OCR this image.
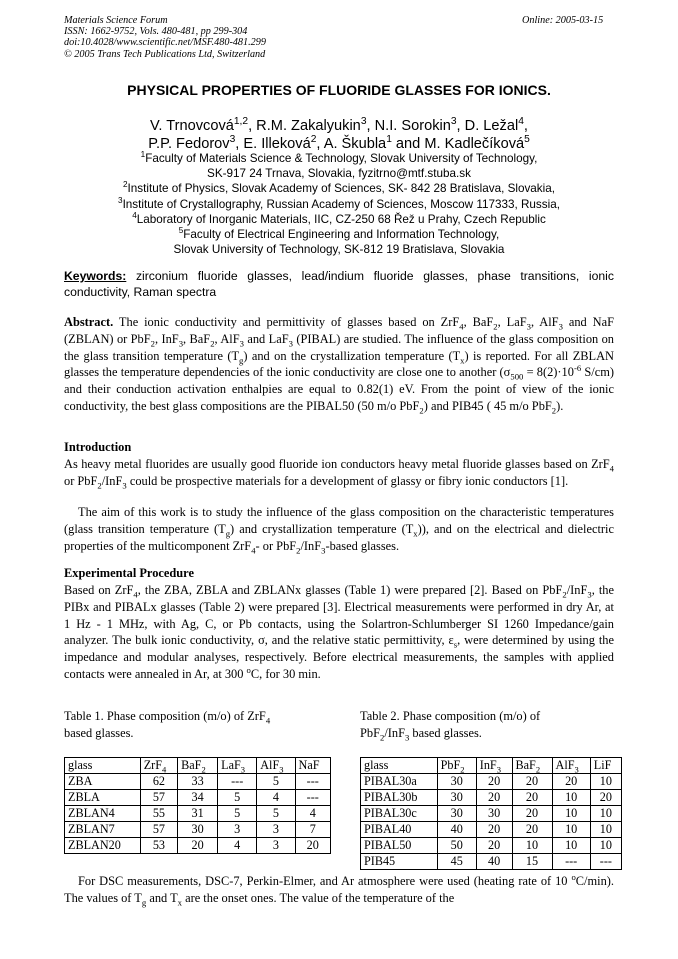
Materials Science Forum
ISSN: 1662-9752, Vols. 480-481, pp 299-304
doi:10.4028/www.scientific.net/MSF.480-481.299
© 2005 Trans Tech Publications Ltd, Switzerland
Online: 2005-03-15
PHYSICAL PROPERTIES OF FLUORIDE GLASSES FOR IONICS.
V. Trnovcová$^{1,2}$, R.M. Zakalyukin$^3$, N.I. Sorokin$^3$, D. Ležal$^4$,
P.P. Fedorov$^3$, E. Illeková$^2$, A. Škubla$^1$ and M. Kadlečíková$^5$
$^1$Faculty of Materials Science & Technology, Slovak University of Technology,
SK-917 24 Trnava, Slovakia, fyzitrno@mtf.stuba.sk
$^2$Institute of Physics, Slovak Academy of Sciences, SK- 842 28 Bratislava, Slovakia,
$^3$Institute of Crystallography, Russian Academy of Sciences, Moscow 117333, Russia,
$^4$Laboratory of Inorganic Materials, IIC, CZ-250 68 Řež u Prahy, Czech Republic
$^5$Faculty of Electrical Engineering and Information Technology,
Slovak University of Technology, SK-812 19 Bratislava, Slovakia
Keywords: zirconium fluoride glasses, lead/indium fluoride glasses, phase transitions, ionic conductivity, Raman spectra
Abstract. The ionic conductivity and permittivity of glasses based on ZrF$_4$, BaF$_2$, LaF$_3$, AlF$_3$ and NaF (ZBLAN) or PbF$_2$, InF$_3$, BaF$_2$, AlF$_3$ and LaF$_3$ (PIBAL) are studied. The influence of the glass composition on the glass transition temperature $(T_g)$ and on the crystallization temperature $(T_x)$ is reported. For all ZBLAN glasses the temperature dependencies of the ionic conductivity are close one to another ($\sigma_{500} = 8(2)\cdot 10^{-6}$ S/cm) and their conduction activation enthalpies are equal to 0.82(1) eV. From the point of view of the ionic conductivity, the best glass compositions are the PIBAL50 (50 m/o PbF$_2$) and PIB45 ( 45 m/o PbF$_2$).
Introduction
As heavy metal fluorides are usually good fluoride ion conductors heavy metal fluoride glasses based on ZrF$_4$ or PbF$_2$/InF$_3$ could be prospective materials for a development of glassy or fibry ionic conductors [1].
The aim of this work is to study the influence of the glass composition on the characteristic temperatures (glass transition temperature $(T_g)$ and crystallization temperature $(T_x)$), and on the electrical and dielectric properties of the multicomponent ZrF$_4$- or PbF$_2$/InF$_3$-based glasses.
Experimental Procedure
Based on ZrF$_4$, the ZBA, ZBLA and ZBLANx glasses (Table 1) were prepared [2]. Based on PbF$_2$/InF$_3$, the PIBx and PIBALx glasses (Table 2) were prepared [3]. Electrical measurements were performed in dry Ar, at 1 Hz - 1 MHz, with Ag, C, or Pb contacts, using the Solartron-Schlumberger SI 1260 Impedance/gain analyzer. The bulk ionic conductivity, σ, and the relative static permittivity, $\varepsilon_s$, were determined by using the impedance and modular analyses, respectively. Before electrical measurements, the samples with applied contacts were annealed in Ar, at 300 $^o$C, for 30 min.
Table 1. Phase composition (m/o) of ZrF$_4$
based glasses.
Table 2. Phase composition (m/o) of
PbF$_2$/InF$_3$ based glasses.
glass	ZrF$_4$	BaF$_2$	LaF$_3$	AlF$_3$	NaF
ZBA	62	33	---	5	---
ZBLA	57	34	5	4	---
ZBLAN4	55	31	5	5	4
ZBLAN7	57	30	3	3	7
ZBLAN20	53	20	4	3	20
glass	PbF$_2$	InF$_3$	BaF$_2$	AlF$_3$	LiF
PIBAL30a	30	20	20	20	10
PIBAL30b	30	20	20	10	20
PIBAL30c	30	30	20	10	10
PIBAL40	40	20	20	10	10
PIBAL50	50	20	10	10	10
PIB45	45	40	15	---	---
For DSC measurements, DSC-7, Perkin-Elmer, and Ar atmosphere were used (heating rate of 10 $^o$C/min). The values of $T_g$ and $T_x$ are the onset ones. The value of the temperature of the
